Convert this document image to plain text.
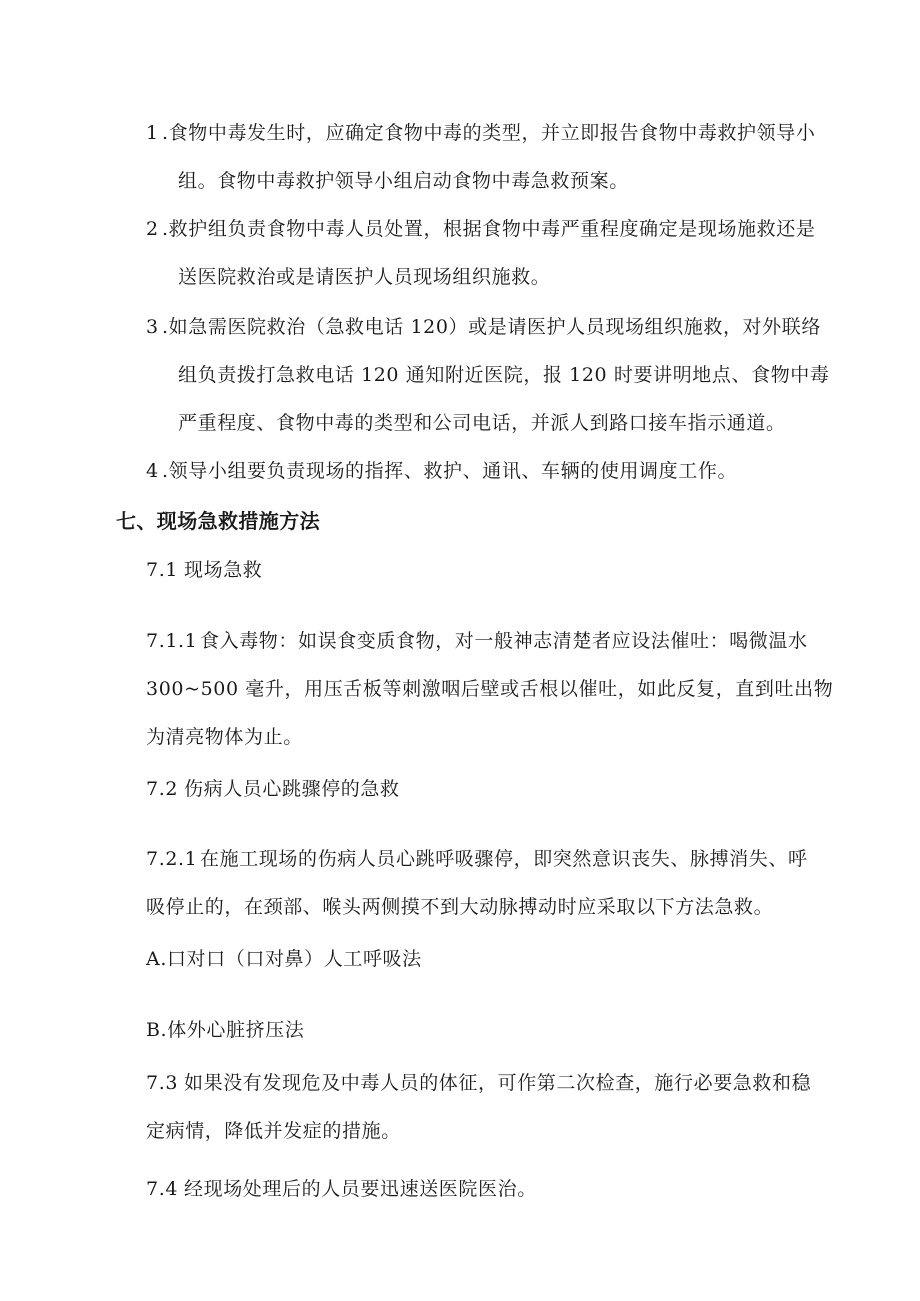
1 .食物中毒发生时，应确定食物中毒的类型，并立即报告食物中毒救护领导小
组。食物中毒救护领导小组启动食物中毒急救预案。
2 .救护组负责食物中毒人员处置，根据食物中毒严重程度确定是现场施救还是
送医院救治或是请医护人员现场组织施救。
3 .如急需医院救治（急救电话 120）或是请医护人员现场组织施救，对外联络
组负责拨打急救电话 120 通知附近医院，报 120 时要讲明地点、食物中毒
严重程度、食物中毒的类型和公司电话，并派人到路口接车指示通道。
4 .领导小组要负责现场的指挥、救护、通讯、车辆的使用调度工作。
七、现场急救措施方法
7.1 现场急救
7.1.1 食入毒物：如误食变质食物，对一般神志清楚者应设法催吐：喝微温水
300~500 毫升，用压舌板等刺激咽后壁或舌根以催吐，如此反复，直到吐出物
为清亮物体为止。
7.2 伤病人员心跳骤停的急救
7.2.1 在施工现场的伤病人员心跳呼吸骤停，即突然意识丧失、脉搏消失、呼
吸停止的，在颈部、喉头两侧摸不到大动脉搏动时应采取以下方法急救。
A.口对口（口对鼻）人工呼吸法
B.体外心脏挤压法
7.3 如果没有发现危及中毒人员的体征，可作第二次检查，施行必要急救和稳
定病情，降低并发症的措施。
7.4 经现场处理后的人员要迅速送医院医治。
